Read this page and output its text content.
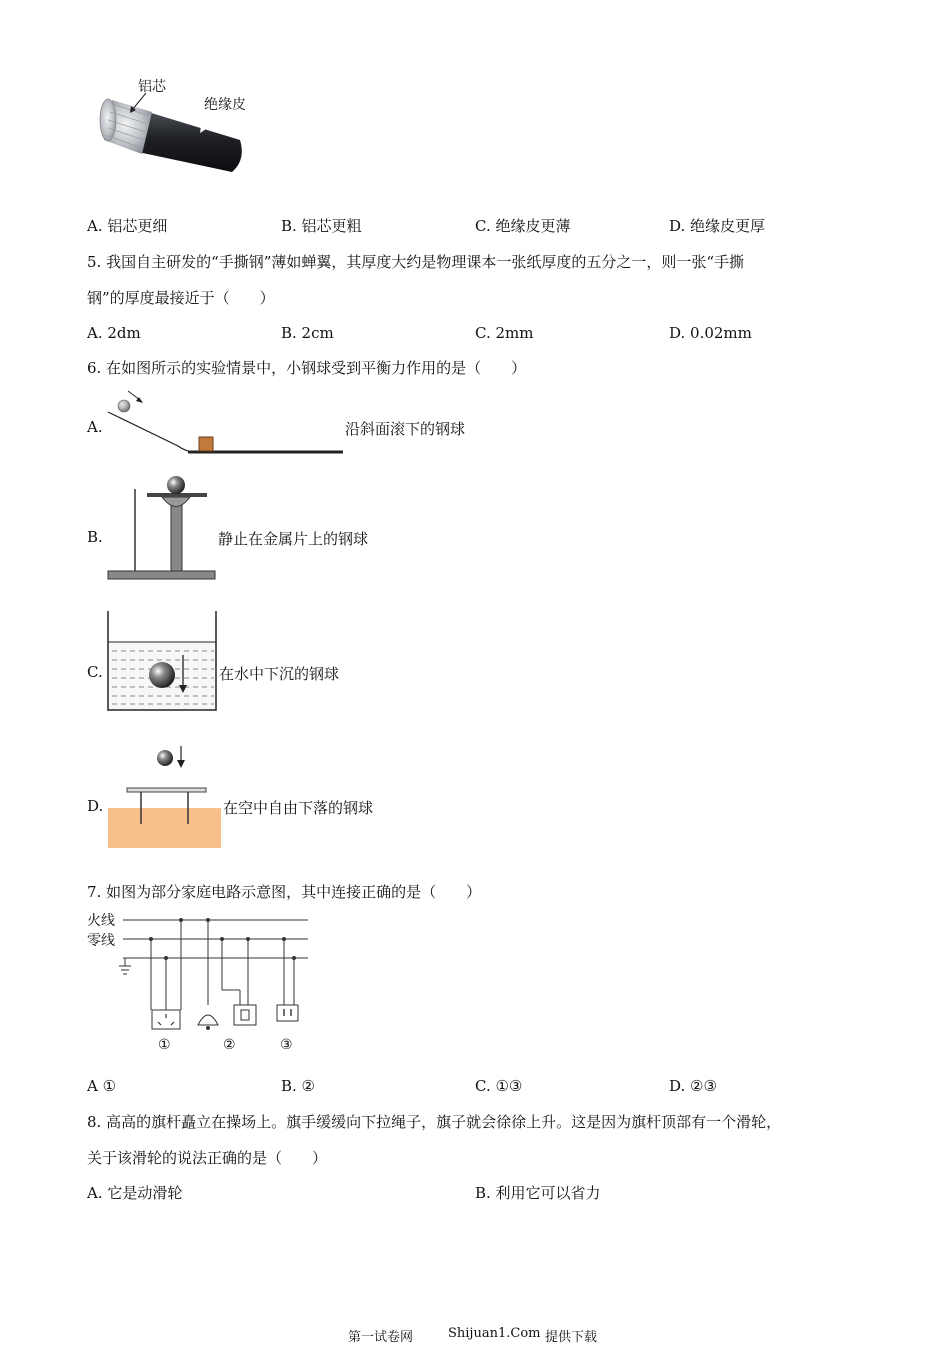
铝芯
绝缘皮
A. 铝芯更细	B. 铝芯更粗	C. 绝缘皮更薄	D. 绝缘皮更厚
5. 我国自主研发的“手撕钢”薄如蝉翼，其厚度大约是物理课本一张纸厚度的五分之一，则一张“手撕
钢”的厚度最接近于（　　）
A. 2dm	B. 2cm	C. 2mm	D. 0.02mm
6. 在如图所示的实验情景中，小钢球受到平衡力作用的是（　　）
A.	沿斜面滚下的钢球
B.	静止在金属片上的钢球
C.	在水中下沉的钢球
D.	在空中自由下落的钢球
7. 如图为部分家庭电路示意图，其中连接正确的是（　　）
火线
零线
①	②	③
A ①	B. ②	C. ①③	D. ②③
8. 高高的旗杆矗立在操场上。旗手缓缓向下拉绳子，旗子就会徐徐上升。这是因为旗杆顶部有一个滑轮，
关于该滑轮的说法正确的是（　　）
A. 它是动滑轮	B. 利用它可以省力
第一试卷网	Shijuan1.Com 提供下载
